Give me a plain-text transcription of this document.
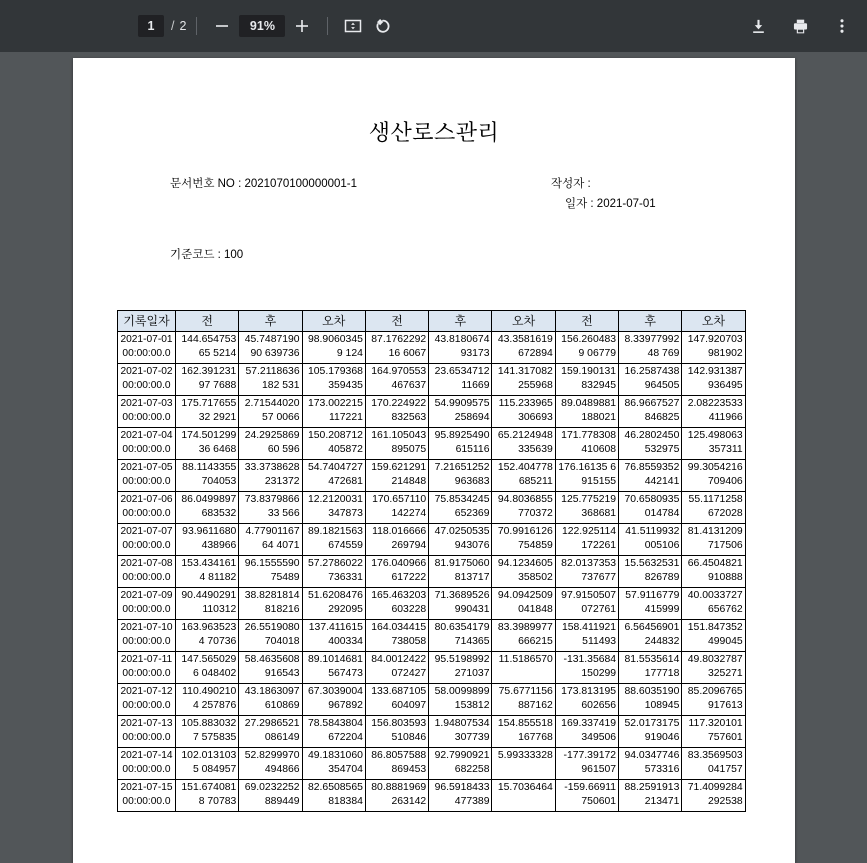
1	/ 2	91%
생산로스관리
문서번호 NO : 2021070100000001-1	작성자 :
일자 : 2021-07-01
기준코드 : 100
기록일자	전	후	오차	전	후	오차	전	후	오차
2021-07-01 00:00:00.0	144.65475365 5214	45.748719090 639736	98.90603459 124	87.176229216 6067	43.8180674 93173	43.3581619 672894	156.2604839 06779	8.3397799248 769	147.920703 981902
2021-07-02 00:00:00.0	162.39123197 7688	57.2118636182 531	105.179368 359435	164.970553 467637	23.6534712 11669	141.317082 255968	159.190131 832945	16.2587438 964505	142.931387 936495
2021-07-03 00:00:00.0	175.71765532 2921	2.7154402057 0066	173.002215 117221	170.224922 832563	54.9909575 258694	115.233965 306693	89.0489881 188021	86.9667527 846825	2.08223533 411966
2021-07-04 00:00:00.0	174.50129936 6468	24.292586960 596	150.208712 405872	161.105043 895075	95.8925490 615116	65.2124948 335639	171.778308 410608	46.2802450 532975	125.498063 357311
2021-07-05 00:00:00.0	88.1143355 704053	33.3738628 231372	54.7404727 472681	159.621291 214848	7.21651252 963683	152.404778 685211	176.16135 6915155	76.8559352 442141	99.3054216 709406
2021-07-06 00:00:00.0	86.0499897 683532	73.837986633 566	12.2120031 347873	170.657110 142274	75.8534245 652369	94.8036855 770372	125.775219 368681	70.6580935 014784	55.1171258 672028
2021-07-07 00:00:00.0	93.9611680 438966	4.7790116764 4071	89.1821563 674559	118.016666 269794	47.0250535 943076	70.9916126 754859	122.925114 172261	41.5119932 005106	81.4131209 717506
2021-07-08 00:00:00.0	153.4341614 81182	96.1555590 75489	57.2786022 736331	176.040966 617222	81.9175060 813717	94.1234605 358502	82.0137353 737677	15.5632531 826789	66.4504821 910888
2021-07-09 00:00:00.0	90.4490291 110312	38.8281814 818216	51.6208476 292095	165.463203 603228	71.3689526 990431	94.0942509 041848	97.9150507 072761	57.9116779 415999	40.0033727 656762
2021-07-10 00:00:00.0	163.9635234 70736	26.5519080 704018	137.411615 400334	164.034415 738058	80.6354179 714365	83.3989977 666215	158.411921 511493	6.56456901 244832	151.847352 499045
2021-07-11 00:00:00.0	147.5650296 048402	58.4635608 916543	89.1014681 567473	84.0012422 072427	95.5198992 271037	11.5186570	-131.35684 150299	81.5535614 177718	49.8032787 325271
2021-07-12 00:00:00.0	110.4902104 257876	43.1863097 610869	67.3039004 967892	133.687105 604097	58.0099899 153812	75.6771156 887162	173.813195 602656	88.6035190 108945	85.2096765 917613
2021-07-13 00:00:00.0	105.8830327 575835	27.2986521 086149	78.5843804 672204	156.803593 510846	1.94807534 307739	154.855518 167768	169.337419 349506	52.0173175 919046	117.320101 757601
2021-07-14 00:00:00.0	102.0131035 084957	52.8299970 494866	49.1831060 354704	86.8057588 869453	92.7990921 682258	5.99333328	-177.39172 961507	94.0347746 573316	83.3569503 041757
2021-07-15 00:00:00.0	151.6740818 70783	69.0232252 889449	82.6508565 818384	80.8881969 263142	96.5918433 477389	15.7036464	-159.66911 750601	88.2591913 213471	71.4099284 292538
